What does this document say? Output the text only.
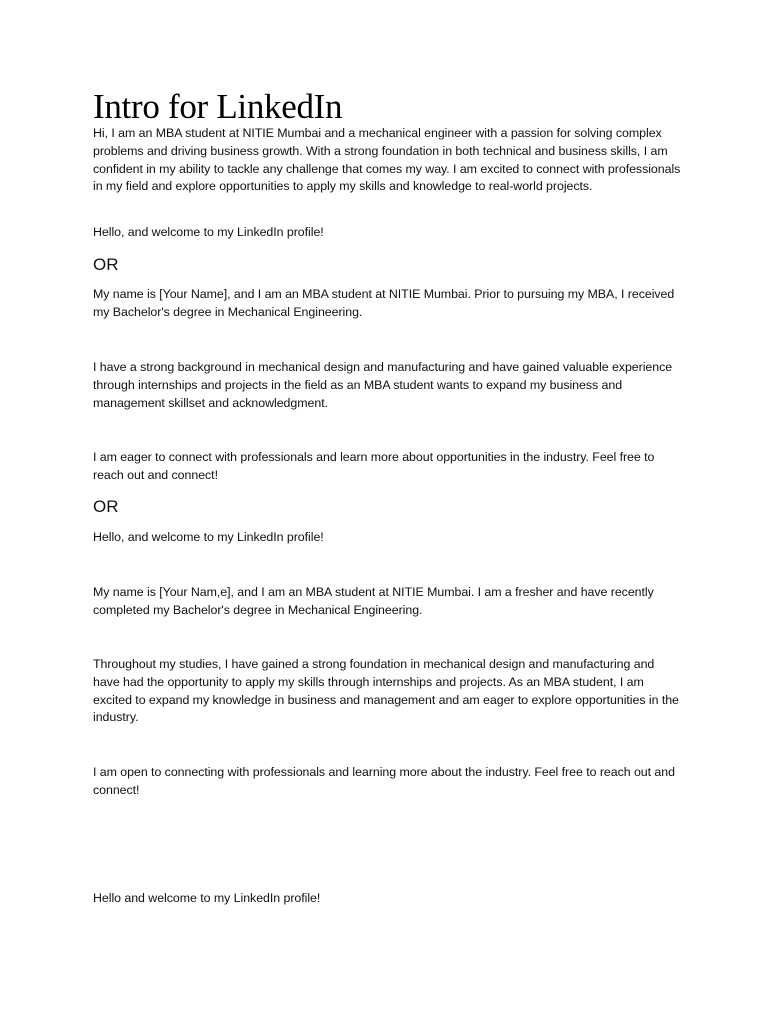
Intro for LinkedIn

Hi, I am an MBA student at NITIE Mumbai and a mechanical engineer with a passion for solving complex problems and driving business growth. With a strong foundation in both technical and business skills, I am confident in my ability to tackle any challenge that comes my way. I am excited to connect with professionals in my field and explore opportunities to apply my skills and knowledge to real-world projects.

Hello, and welcome to my LinkedIn profile!

OR

My name is [Your Name], and I am an MBA student at NITIE Mumbai. Prior to pursuing my MBA, I received my Bachelor's degree in Mechanical Engineering.

I have a strong background in mechanical design and manufacturing and have gained valuable experience through internships and projects in the field as an MBA student wants to expand my business and management skillset and acknowledgment.

I am eager to connect with professionals and learn more about opportunities in the industry. Feel free to reach out and connect!

OR

Hello, and welcome to my LinkedIn profile!

My name is [Your Nam,e], and I am an MBA student at NITIE Mumbai. I am a fresher and have recently completed my Bachelor's degree in Mechanical Engineering.

Throughout my studies, I have gained a strong foundation in mechanical design and manufacturing and have had the opportunity to apply my skills through internships and projects. As an MBA student, I am excited to expand my knowledge in business and management and am eager to explore opportunities in the industry.

I am open to connecting with professionals and learning more about the industry. Feel free to reach out and connect!

Hello and welcome to my LinkedIn profile!
